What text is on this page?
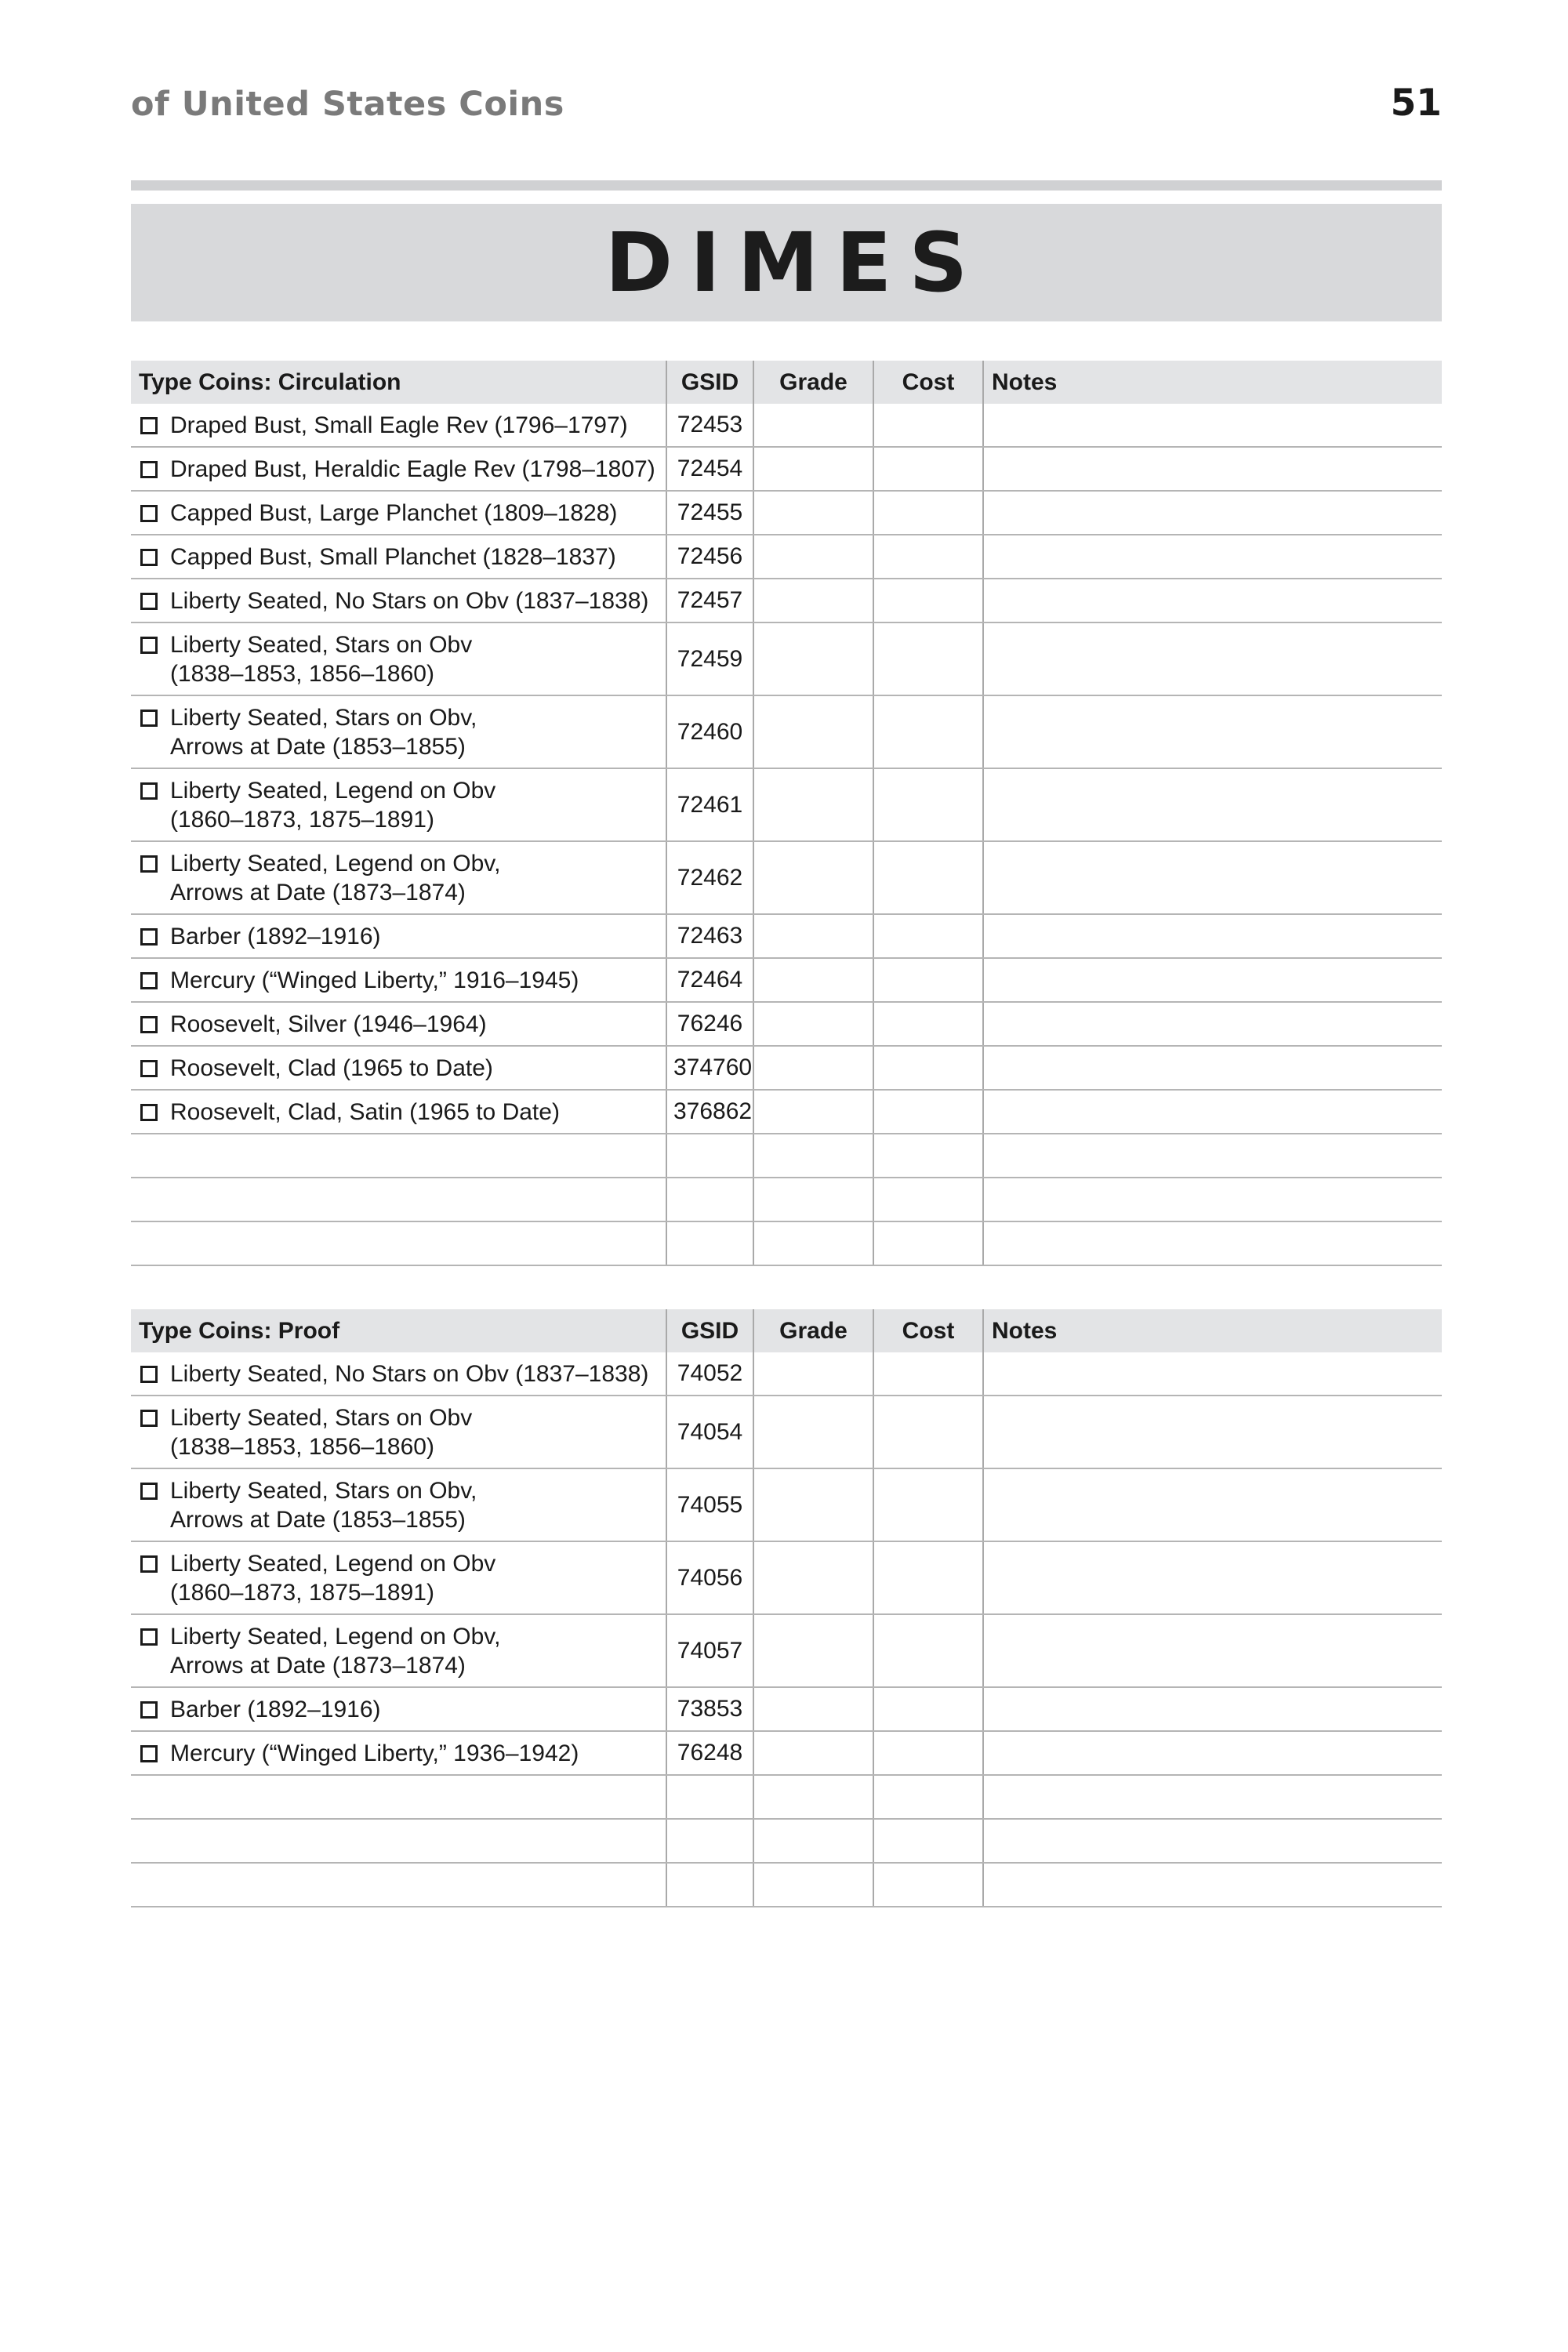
of United States Coins	51
DIMES
Type Coins: Circulation	GSID	Grade	Cost	Notes

Draped Bust, Small Eagle Rev (1796–1797)	72453			

Draped Bust, Heraldic Eagle Rev (1798–1807)	72454			

Capped Bust, Large Planchet (1809–1828)	72455			

Capped Bust, Small Planchet (1828–1837)	72456			

Liberty Seated, No Stars on Obv (1837–1838)	72457			

Liberty Seated, Stars on Obv
(1838–1853, 1856–1860)	72459			

Liberty Seated, Stars on Obv,
Arrows at Date (1853–1855)	72460			

Liberty Seated, Legend on Obv
(1860–1873, 1875–1891)	72461			

Liberty Seated, Legend on Obv,
Arrows at Date (1873–1874)	72462			

Barber (1892–1916)	72463			

Mercury (“Winged Liberty,” 1916–1945)	72464			

Roosevelt, Silver (1946–1964)	76246			

Roosevelt, Clad (1965 to Date)	374760			

Roosevelt, Clad, Satin (1965 to Date)	376862			

Type Coins: Proof	GSID	Grade	Cost	Notes

Liberty Seated, No Stars on Obv (1837–1838)	74052			

Liberty Seated, Stars on Obv
(1838–1853, 1856–1860)	74054			

Liberty Seated, Stars on Obv,
Arrows at Date (1853–1855)	74055			

Liberty Seated, Legend on Obv
(1860–1873, 1875–1891)	74056			

Liberty Seated, Legend on Obv,
Arrows at Date (1873–1874)	74057			

Barber (1892–1916)	73853			

Mercury (“Winged Liberty,” 1936–1942)	76248			
